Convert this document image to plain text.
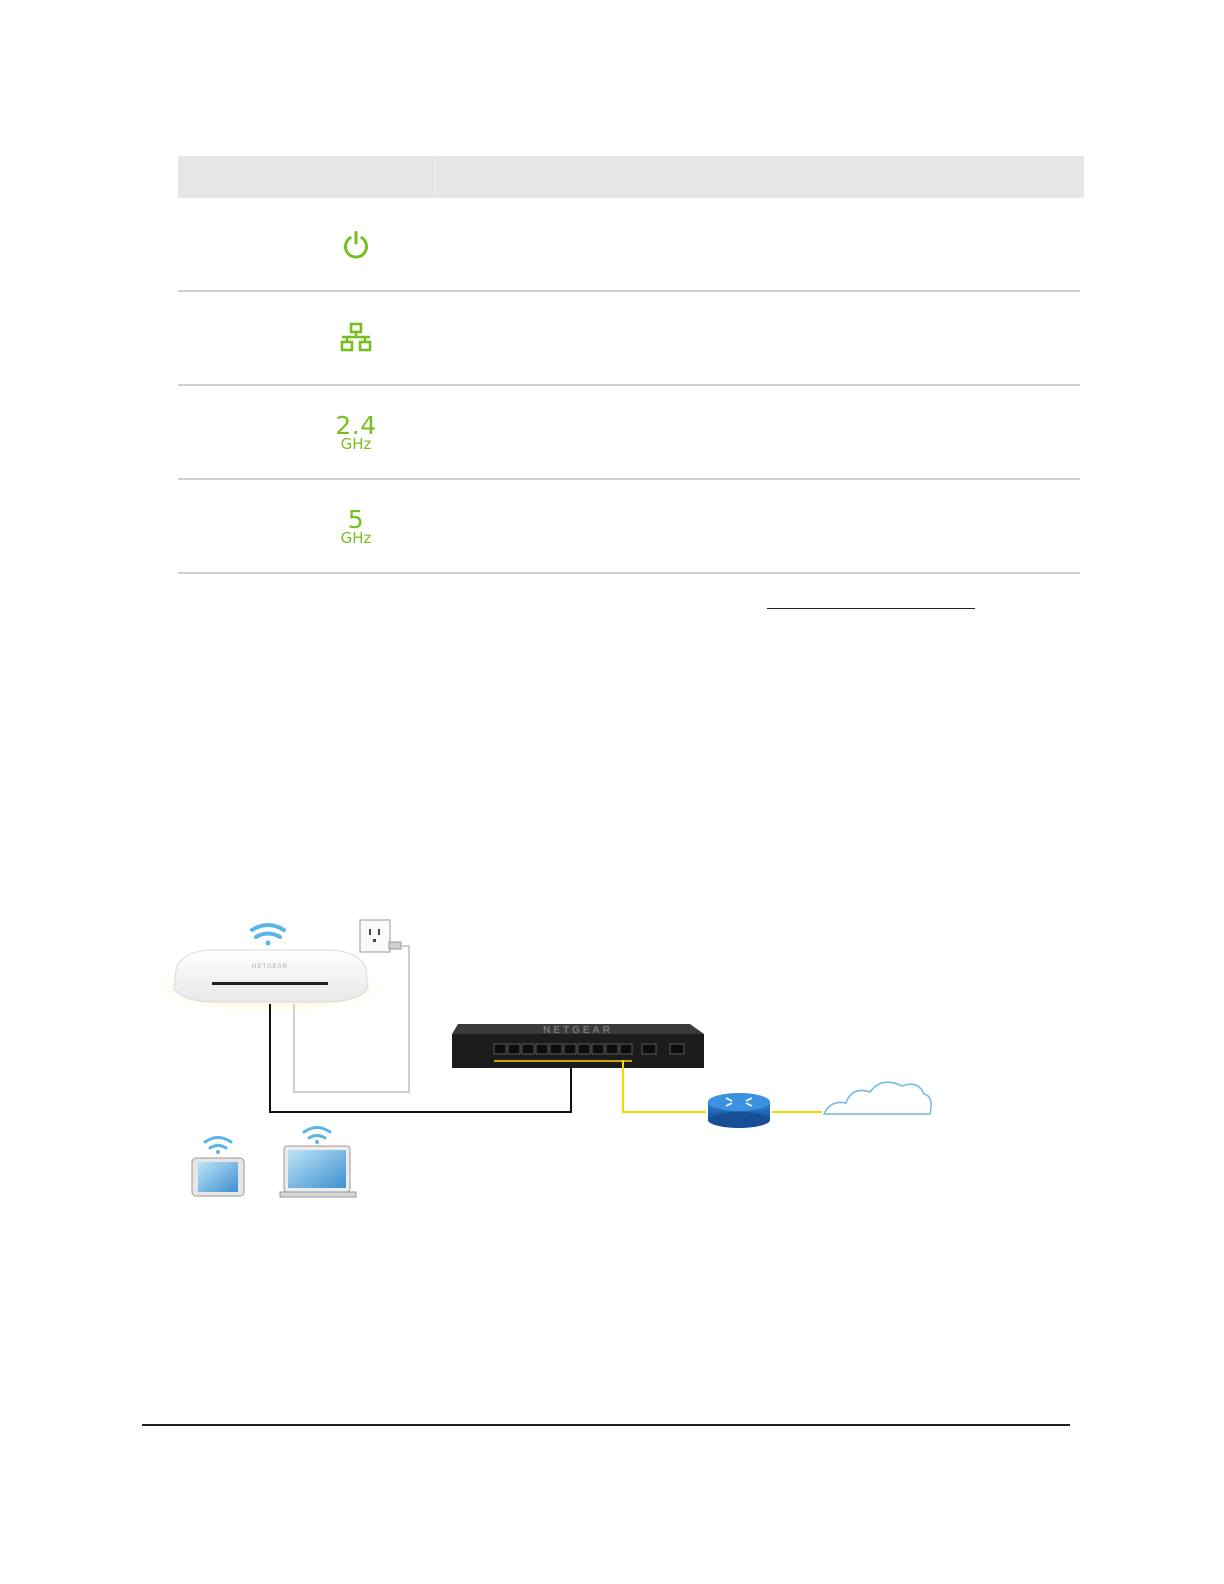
2.4
GHz
5
GHz
NETGEAR
NETGEAR
